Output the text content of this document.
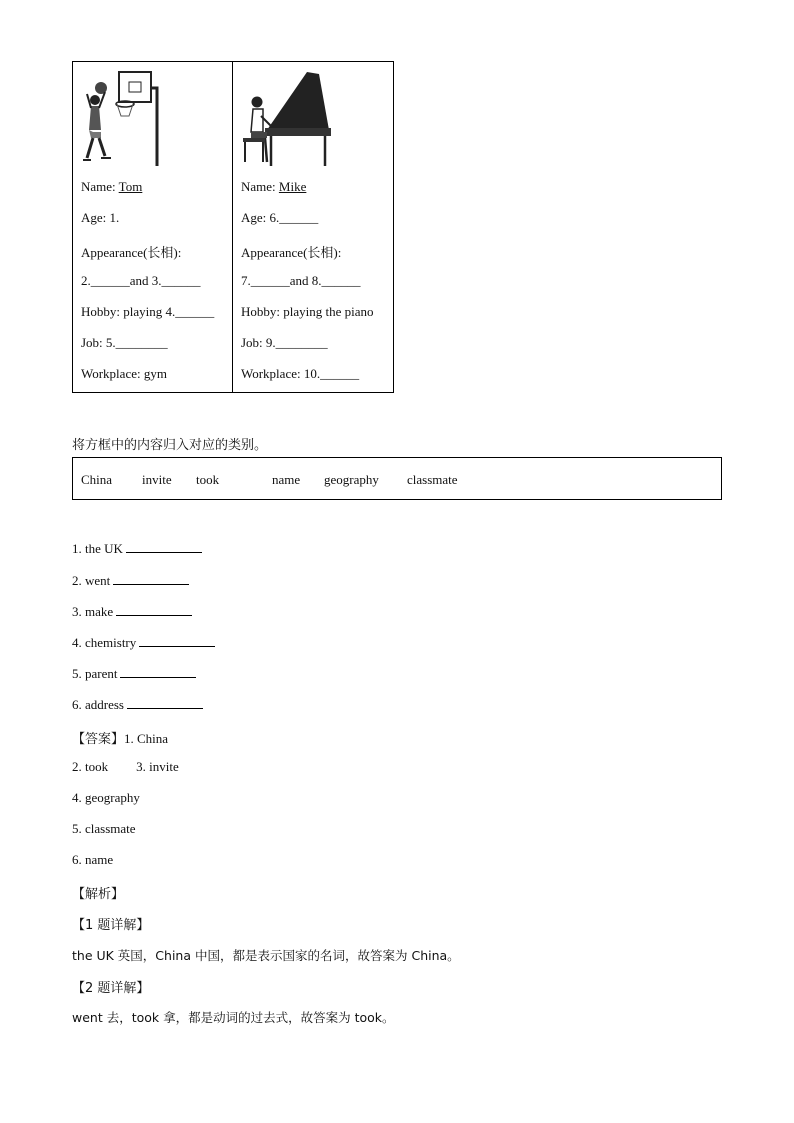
Name: Tom
Age: 1.
Appearance(长相):
2.______and 3.______
Hobby: playing 4.______
Job: 5.________
Workplace: gym
Name: Mike
Age: 6.______
Appearance(长相):
7.______and 8.______
Hobby: playing the piano
Job: 9.________
Workplace: 10.______
将方框中的内容归入对应的类别。
China invite took	name geography classmate
1. the UK
2. went
3. make
4. chemistry
5. parent
6. address
【答案】1. China
2. took 3. invite
4. geography
5. classmate
6. name
【解析】
【1 题详解】
the UK 英国，China 中国，都是表示国家的名词，故答案为 China。
【2 题详解】
went 去，took 拿，都是动词的过去式，故答案为 took。
